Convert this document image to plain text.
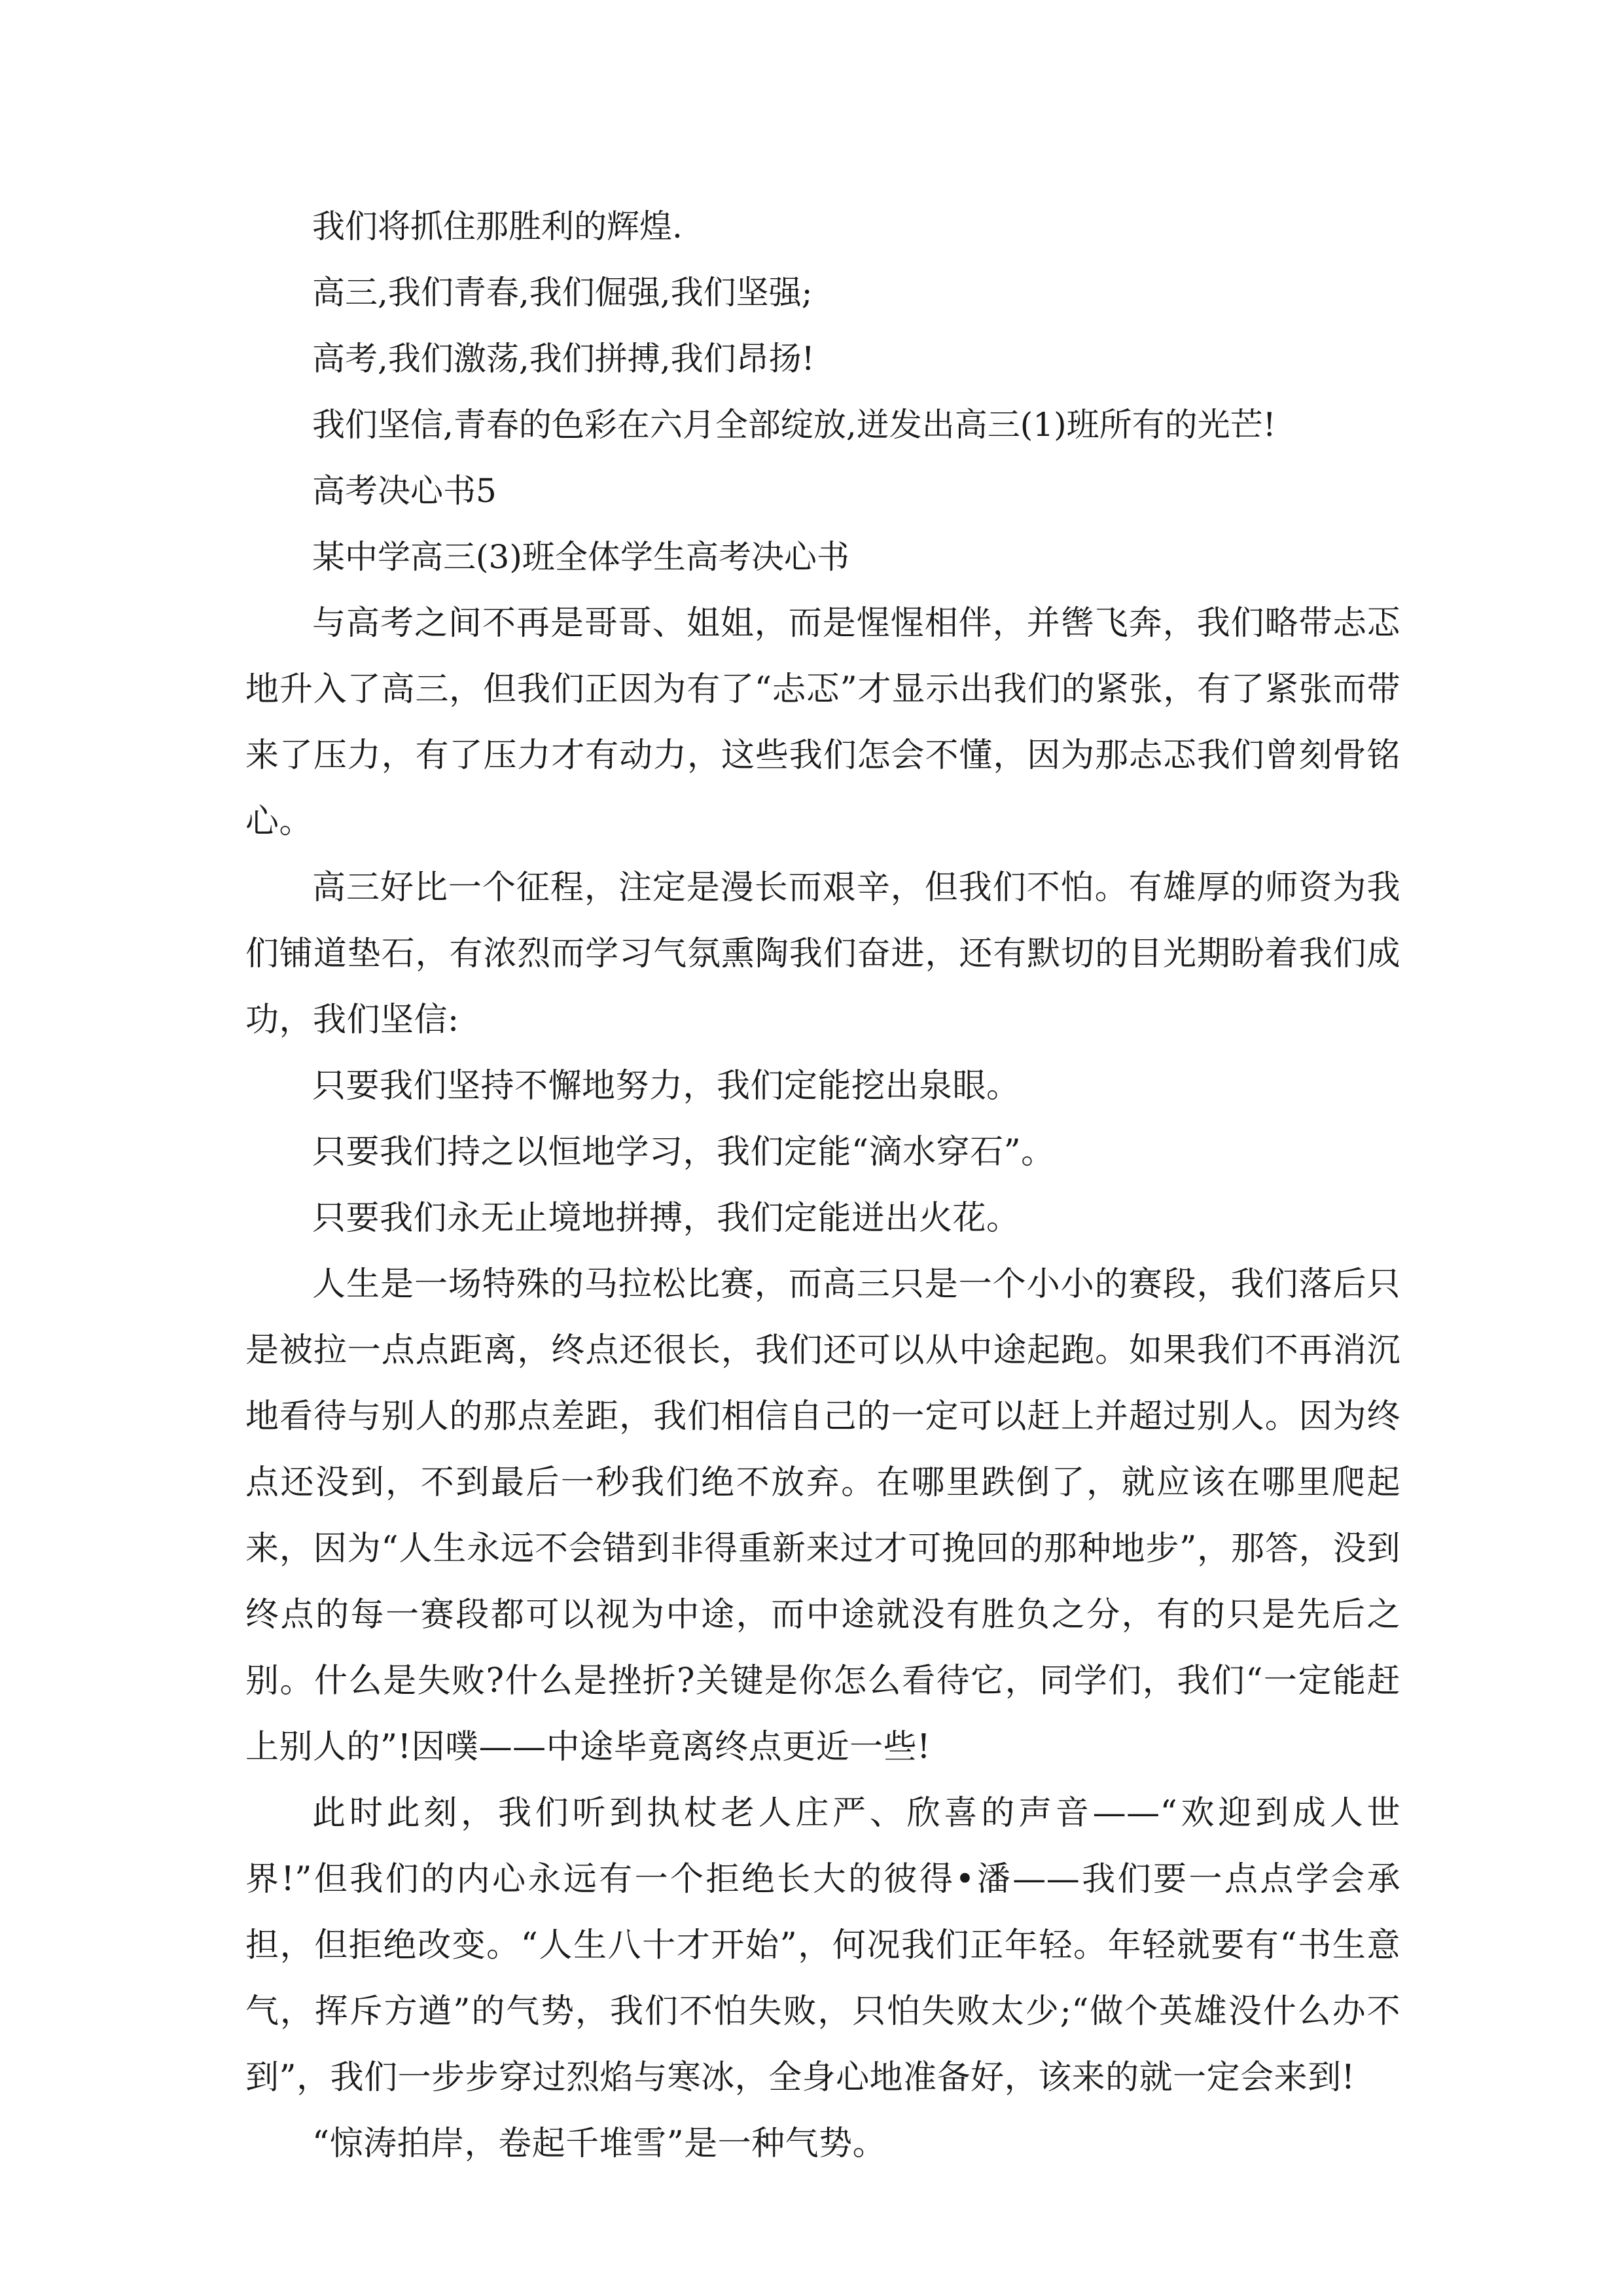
我们将抓住那胜利的辉煌.

高三,我们青春,我们倔强,我们坚强;

高考,我们激荡,我们拼搏,我们昂扬!

我们坚信,青春的色彩在六月全部绽放,迸发出高三(1)班所有的光芒!

高考决心书5

某中学高三(3)班全体学生高考决心书

与高考之间不再是哥哥、姐姐，而是惺惺相伴，并辔飞奔，我们略带忐忑地升入了高三，但我们正因为有了“忐忑”才显示出我们的紧张，有了紧张而带来了压力，有了压力才有动力，这些我们怎会不懂，因为那忐忑我们曾刻骨铭心。

高三好比一个征程，注定是漫长而艰辛，但我们不怕。有雄厚的师资为我们铺道垫石，有浓烈而学习气氛熏陶我们奋进，还有默切的目光期盼着我们成功，我们坚信:

只要我们坚持不懈地努力，我们定能挖出泉眼。

只要我们持之以恒地学习，我们定能“滴水穿石”。

只要我们永无止境地拼搏，我们定能迸出火花。

人生是一场特殊的马拉松比赛，而高三只是一个小小的赛段，我们落后只是被拉一点点距离，终点还很长，我们还可以从中途起跑。如果我们不再消沉地看待与别人的那点差距，我们相信自己的一定可以赶上并超过别人。因为终点还没到，不到最后一秒我们绝不放弃。在哪里跌倒了，就应该在哪里爬起来，因为“人生永远不会错到非得重新来过才可挽回的那种地步”，那答，没到终点的每一赛段都可以视为中途，而中途就没有胜负之分，有的只是先后之别。什么是失败?什么是挫折?关键是你怎么看待它，同学们，我们“一定能赶上别人的”!因噗——中途毕竟离终点更近一些!

此时此刻，我们听到执杖老人庄严、欣喜的声音——“欢迎到成人世界!”但我们的内心永远有一个拒绝长大的彼得•潘——我们要一点点学会承担，但拒绝改变。“人生八十才开始”，何况我们正年轻。年轻就要有“书生意气，挥斥方遒”的气势，我们不怕失败，只怕失败太少;“做个英雄没什么办不到”，我们一步步穿过烈焰与寒冰，全身心地准备好，该来的就一定会来到!

“惊涛拍岸，卷起千堆雪”是一种气势。
